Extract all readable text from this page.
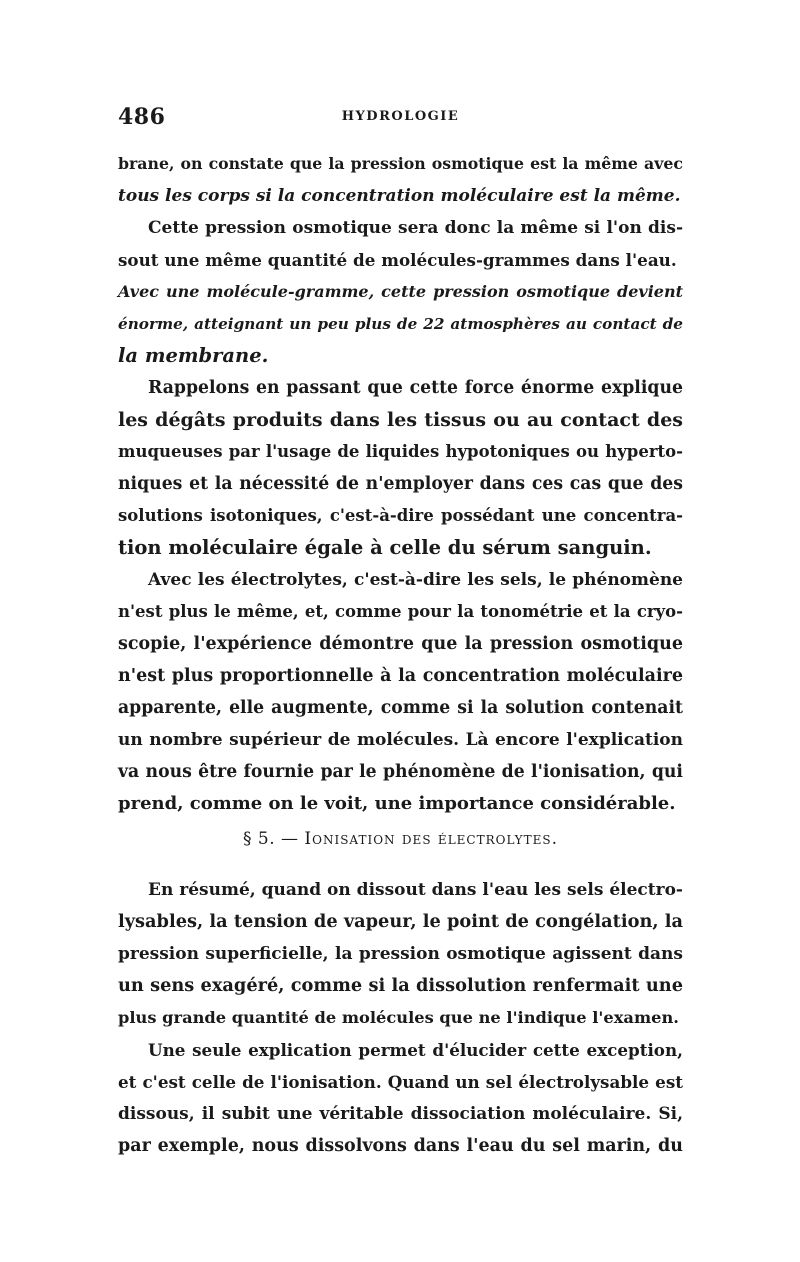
486	HYDROLOGIE
brane, on constate que la pression osmotique est la même avec
tous les corps si la concentration moléculaire est la même.
Cette pression osmotique sera donc la même si l'on dis-
sout une même quantité de molécules-grammes dans l'eau.
Avec une molécule-gramme, cette pression osmotique devient
énorme, atteignant un peu plus de 22 atmosphères au contact de
la membrane.
Rappelons en passant que cette force énorme explique
les dégâts produits dans les tissus ou au contact des
muqueuses par l'usage de liquides hypotoniques ou hyperto-
niques et la nécessité de n'employer dans ces cas que des
solutions isotoniques, c'est-à-dire possédant une concentra-
tion moléculaire égale à celle du sérum sanguin.
Avec les électrolytes, c'est-à-dire les sels, le phénomène
n'est plus le même, et, comme pour la tonométrie et la cryo-
scopie, l'expérience démontre que la pression osmotique
n'est plus proportionnelle à la concentration moléculaire
apparente, elle augmente, comme si la solution contenait
un nombre supérieur de molécules. Là encore l'explication
va nous être fournie par le phénomène de l'ionisation, qui
prend, comme on le voit, une importance considérable.
§ 5. — Ionisation des électrolytes.
En résumé, quand on dissout dans l'eau les sels électro-
lysables, la tension de vapeur, le point de congélation, la
pression superficielle, la pression osmotique agissent dans
un sens exagéré, comme si la dissolution renfermait une
plus grande quantité de molécules que ne l'indique l'examen.
Une seule explication permet d'élucider cette exception,
et c'est celle de l'ionisation. Quand un sel électrolysable est
dissous, il subit une véritable dissociation moléculaire. Si,
par exemple, nous dissolvons dans l'eau du sel marin, du
